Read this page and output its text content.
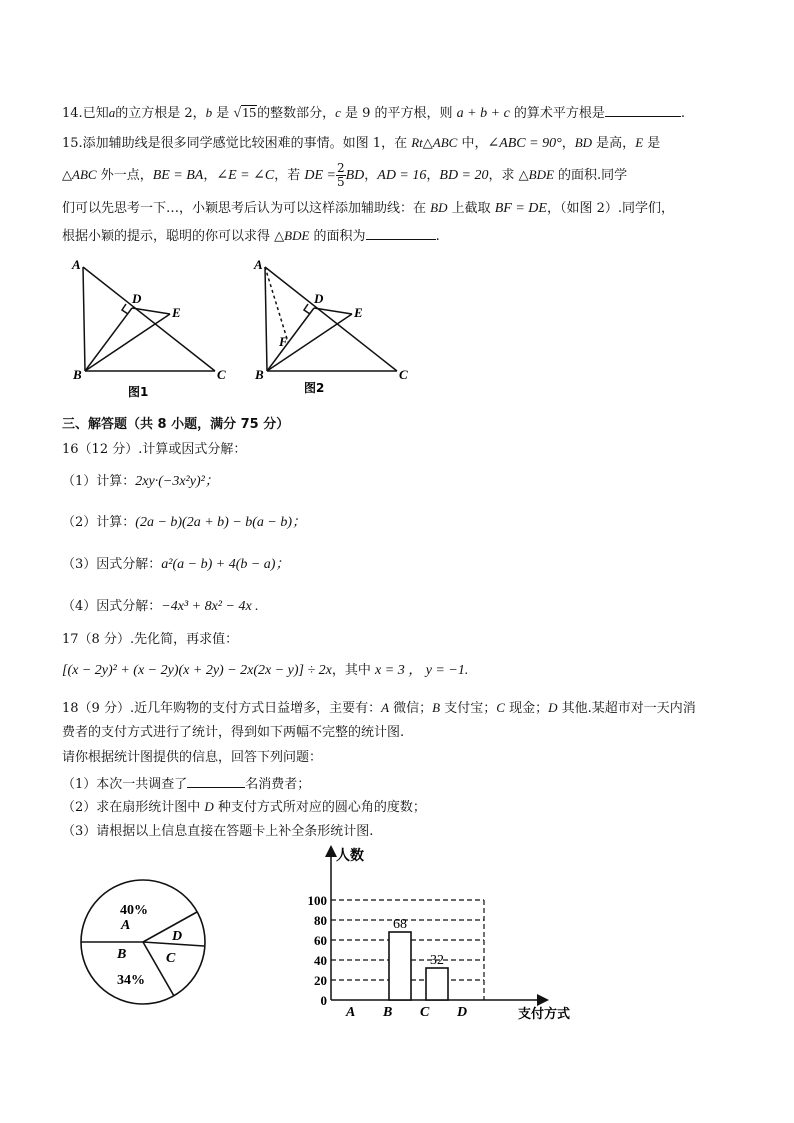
14.已知a的立方根是 2，b 是 √15的整数部分，c 是 9 的平方根，则 a + b + c 的算术平方根是	.
15.添加辅助线是很多同学感觉比较困难的事情。如图 1，在 Rt△ABC 中，∠ABC = 90°，BD 是高，E 是
△ABC 外一点，BE = BA，∠E = ∠C，若 DE = $\frac{2}{5}$ BD，AD = 16，BD = 20，求 △BDE 的面积.同学
们可以先思考一下…，小颖思考后认为可以这样添加辅助线：在 BD 上截取 BF = DE，（如图 2）.同学们，
根据小颖的提示，聪明的你可以求得 △BDE 的面积为	.
A
D
E
B	C
图1
A
D
E
F
B	C
图2
三、解答题（共 8 小题，满分 75 分）
16（12 分）.计算或因式分解：
（1）计算：2xy·(−3x²y)²；
（2）计算：(2a − b)(2a + b) − b(a − b)；
（3）因式分解：a²(a − b) + 4(b − a)；
（4）因式分解：−4x³ + 8x² − 4x .
17（8 分）.先化简，再求值：
[(x − 2y)² + (x − 2y)(x + 2y) − 2x(2x − y)] ÷ 2x，其中 x = 3 ， y = −1.
18（9 分）.近几年购物的支付方式日益增多，主要有：A 微信；B 支付宝；C 现金；D 其他.某超市对一天内消
费者的支付方式进行了统计，得到如下两幅不完整的统计图.
请你根据统计图提供的信息，回答下列问题：
（1）本次一共调查了	名消费者；
（2）求在扇形统计图中 D 种支付方式所对应的圆心角的度数；
（3）请根据以上信息直接在答题卡上补全条形统计图.
40%
A
D
B	C
34%
人数
支付方式
0
20
40
60
80
100
68
32
A B C D
